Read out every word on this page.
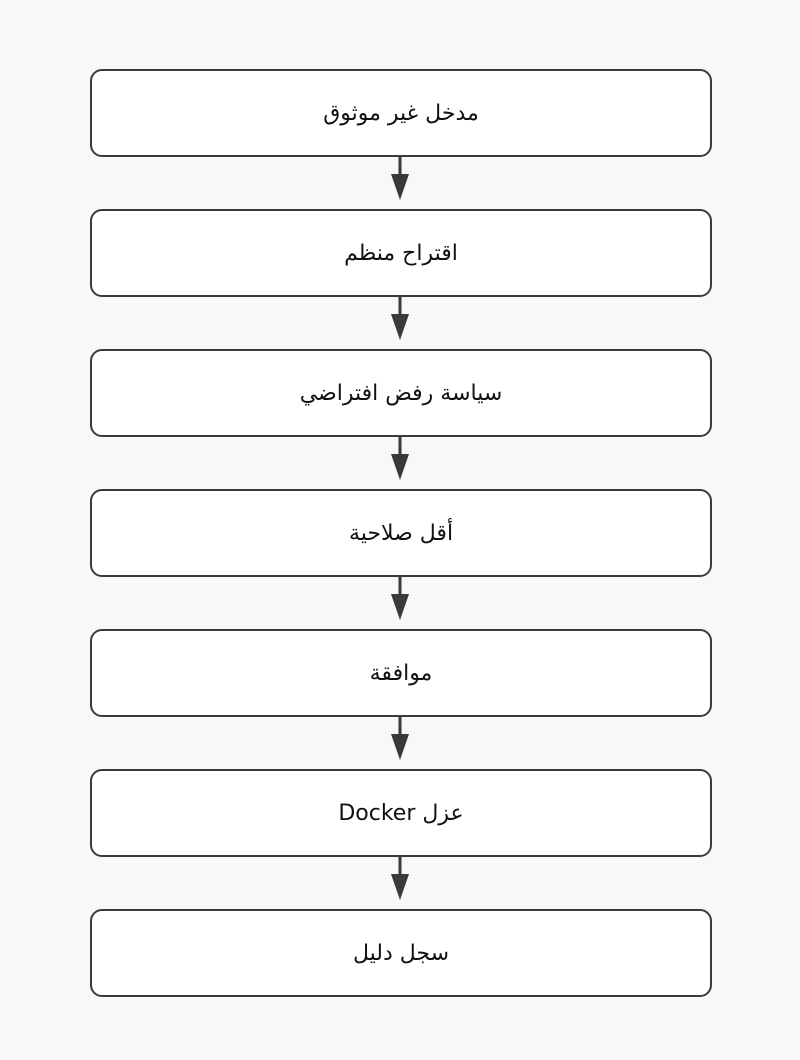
مدخل غير موثوق
اقتراح منظم
سياسة رفض افتراضي
أقل صلاحية
موافقة
عزل Docker
سجل دليل
